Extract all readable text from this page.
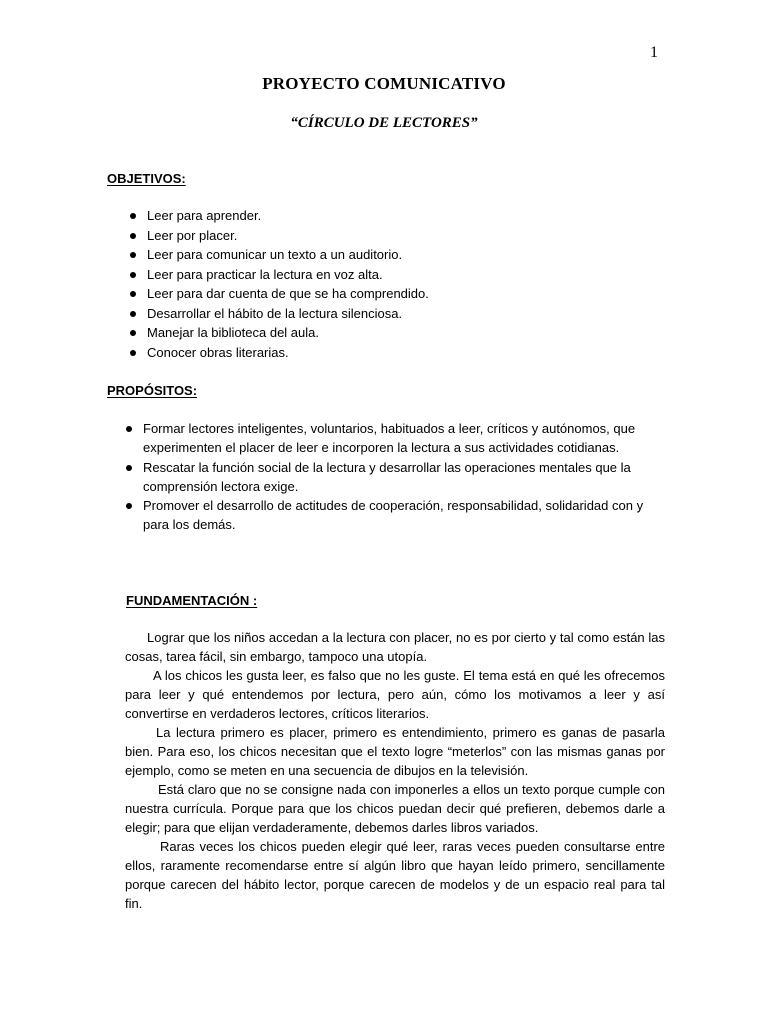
1
PROYECTO COMUNICATIVO
“CÍRCULO DE LECTORES”
OBJETIVOS:
Leer para aprender.
Leer por placer.
Leer para comunicar un texto a un auditorio.
Leer para practicar la lectura en voz alta.
Leer para dar cuenta de que se ha comprendido.
Desarrollar el hábito de la lectura silenciosa.
Manejar la biblioteca del aula.
Conocer obras literarias.
PROPÓSITOS:
Formar lectores inteligentes, voluntarios, habituados a leer, críticos y autónomos, que experimenten el placer de leer e incorporen la lectura a sus actividades cotidianas.
Rescatar la función social de la lectura y desarrollar las operaciones mentales que la comprensión lectora exige.
Promover el desarrollo de actitudes de cooperación, responsabilidad, solidaridad con y para los demás.
FUNDAMENTACIÓN :

Lograr que los niños accedan a la lectura con placer, no es por cierto y tal como están las cosas, tarea fácil, sin embargo, tampoco una utopía.

A los chicos les gusta leer, es falso que no les guste. El tema está en qué les ofrecemos para leer y qué entendemos por lectura, pero aún, cómo los motivamos a leer y así convertirse en verdaderos lectores, críticos literarios.

La lectura primero es placer, primero es entendimiento, primero es ganas de pasarla bien. Para eso, los chicos necesitan que el texto logre “meterlos” con las mismas ganas por ejemplo, como se meten en una secuencia de dibujos en la televisión.

Está claro que no se consigne nada con imponerles a ellos un texto porque cumple con nuestra currícula. Porque para que los chicos puedan decir qué prefieren, debemos darle a elegir; para que elijan verdaderamente, debemos darles libros variados.

Raras veces los chicos pueden elegir qué leer, raras veces pueden consultarse entre ellos, raramente recomendarse entre sí algún libro que hayan leído primero, sencillamente porque carecen del hábito lector, porque carecen de modelos y de un espacio real para tal fin.
